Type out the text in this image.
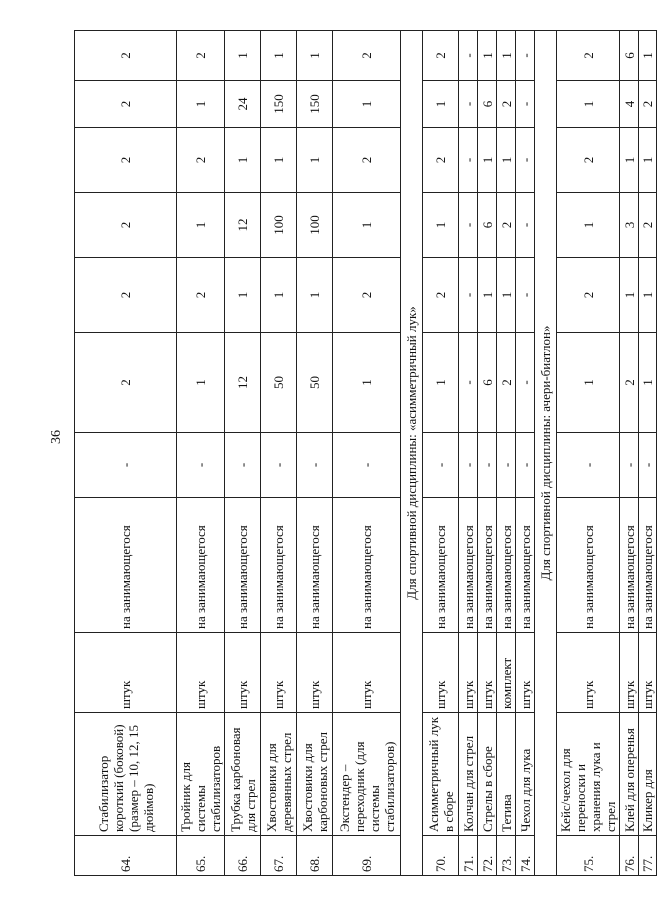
36
64.	Стабилизатор короткий (боковой) (размер – 10, 12, 15 дюймов)	штук	на занимающегося	-	2	2	2	2	2	2
65.	Тройник для системы стабилизаторов	штук	на занимающегося	-	1	2	1	2	1	2
66.	Трубка карбоновая для стрел	штук	на занимающегося	-	12	1	12	1	24	1
67.	Хвостовики для деревянных стрел	штук	на занимающегося	-	50	1	100	1	150	1
68.	Хвостовики для карбоновых стрел	штук	на занимающегося	-	50	1	100	1	150	1
69.	Экстендер – переходник (для системы стабилизаторов)	штук	на занимающегося	-	1	2	1	2	1	2
Для спортивной дисциплины: «асимметричный лук»										
70.	Асимметричный лук в сборе	штук	на занимающегося	-	1	2	1	2	1	2
71.	Колчан для стрел	штук	на занимающегося	-	-	-	-	-	-	-
72.	Стрелы в сборе	штук	на занимающегося	-	6	1	6	1	6	1
73.	Тетива	комплект	на занимающегося	-	2	1	2	1	2	1
74.	Чехол для лука	штук	на занимающегося	-	-	-	-	-	-	-
Для спортивной дисциплины: ачери-биатлон»										
75.	Кейс/чехол для переноски и хранения лука и стрел	штук	на занимающегося	-	1	2	1	2	1	2
76.	Клей для оперенья	штук	на занимающегося	-	2	1	3	1	4	6
77.	Кликер для	штук	на занимающегося	-	1	1	2	1	2	1
